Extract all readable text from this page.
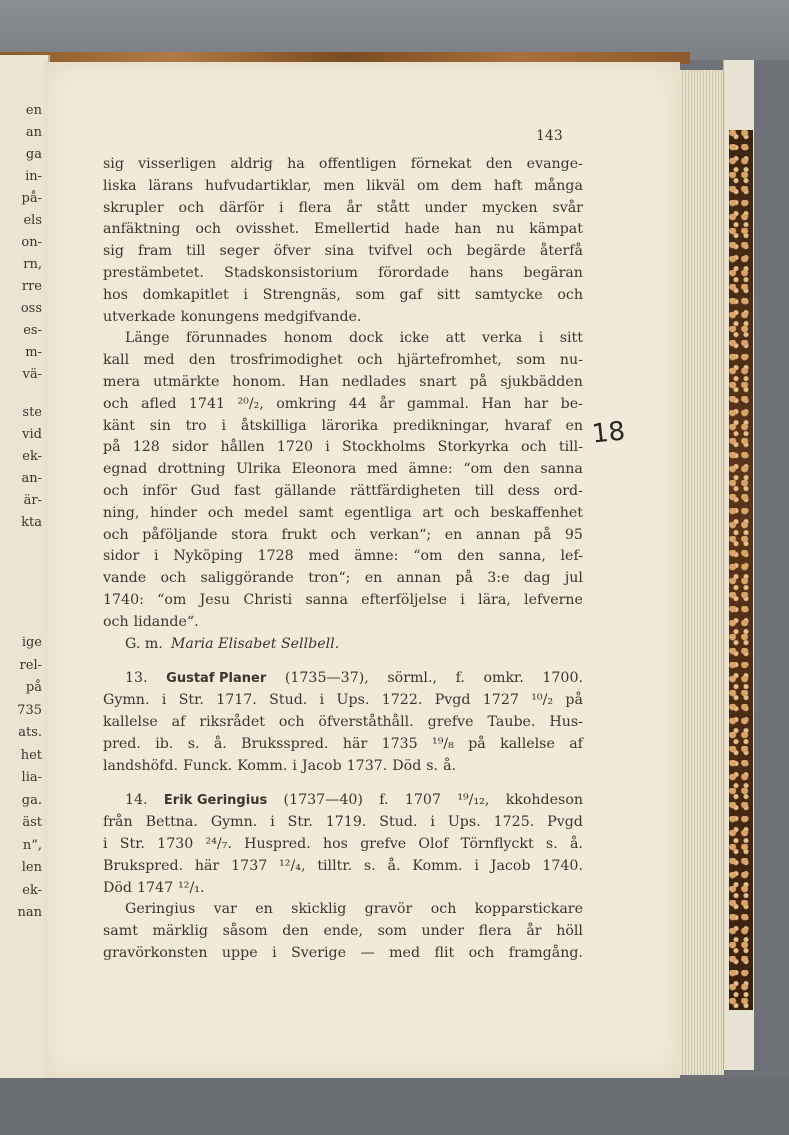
en
an
ga
in-
på-
els
on-
rn,
rre
oss
es-
m-
vä-
ste
vid
ek-
an-
är-
kta
ige
rel-
på
735
ats.
het
lia-
ga.
äst
n“,
len
ek-
nan
143
18
sig visserligen aldrig ha offentligen förnekat den evange-
liska lärans hufvudartiklar, men likväl om dem haft många
skrupler och därför i flera år stått under mycken svår
anfäktning och ovisshet. Emellertid hade han nu kämpat
sig fram till seger öfver sina tvifvel och begärde återfå
prestämbetet. Stadskonsistorium förordade hans begäran
hos domkapitlet i Strengnäs, som gaf sitt samtycke och
utverkade konungens medgifvande.
Länge förunnades honom dock icke att verka i sitt
kall med den trosfrimodighet och hjärtefromhet, som nu-
mera utmärkte honom. Han nedlades snart på sjukbädden
och afled 1741 ²⁰/₂, omkring 44 år gammal. Han har be-
känt sin tro i åtskilliga lärorika predikningar, hvaraf en
på 128 sidor hållen 1720 i Stockholms Storkyrka och till-
egnad drottning Ulrika Eleonora med ämne: “om den sanna
och inför Gud fast gällande rättfärdigheten till dess ord-
ning, hinder och medel samt egentliga art och beskaffenhet
och påföljande stora frukt och verkan“; en annan på 95
sidor i Nyköping 1728 med ämne: “om den sanna, lef-
vande och saliggörande tron“; en annan på 3:e dag jul
1740: “om Jesu Christi sanna efterföljelse i lära, lefverne
och lidande“.
G. m. Maria Elisabet Sellbell.
13. Gustaf Planer (1735—37), sörml., f. omkr. 1700.
Gymn. i Str. 1717. Stud. i Ups. 1722. Pvgd 1727 ¹⁰/₂ på
kallelse af riksrådet och öfverståthåll. grefve Taube. Hus-
pred. ib. s. å. Bruksspred. här 1735 ¹⁹/₈ på kallelse af
landshöfd. Funck. Komm. i Jacob 1737. Död s. å.
14. Erik Geringius (1737—40) f. 1707 ¹⁹/₁₂, kkohdeson
från Bettna. Gymn. i Str. 1719. Stud. i Ups. 1725. Pvgd
i Str. 1730 ²⁴/₇. Huspred. hos grefve Olof Törnflyckt s. å.
Brukspred. här 1737 ¹²/₄, tilltr. s. å. Komm. i Jacob 1740.
Död 1747 ¹²/₁.
Geringius var en skicklig gravör och kopparstickare
samt märklig såsom den ende, som under flera år höll
gravörkonsten uppe i Sverige — med flit och framgång.
